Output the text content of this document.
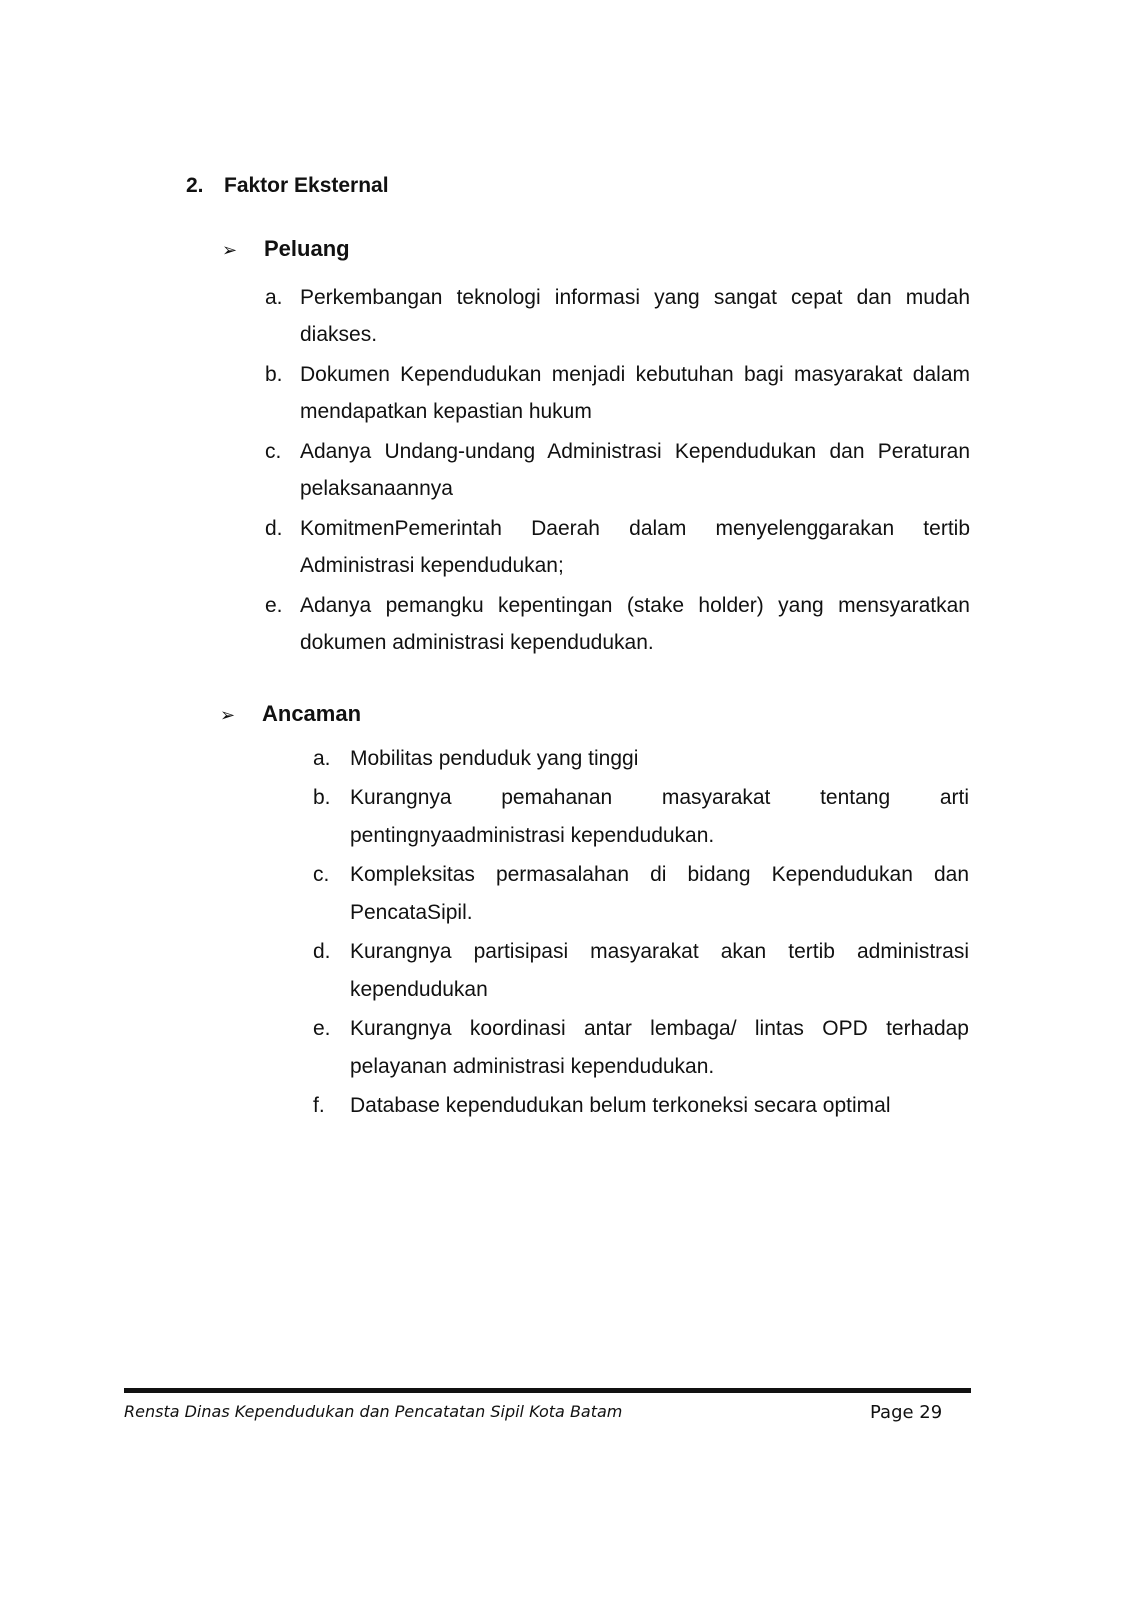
2. Faktor Eksternal
➢ Peluang
a. Perkembangan teknologi informasi yang sangat cepat dan mudah diakses.
b. Dokumen Kependudukan menjadi kebutuhan bagi masyarakat dalam mendapatkan kepastian hukum
c. Adanya Undang-undang Administrasi Kependudukan dan Peraturan pelaksanaannya
d. KomitmenPemerintah Daerah dalam menyelenggarakan tertib Administrasi kependudukan;
e. Adanya pemangku kepentingan (stake holder) yang mensyaratkan dokumen administrasi kependudukan.
➢ Ancaman
a. Mobilitas penduduk yang tinggi
b. Kurangnya pemahanan masyarakat tentang arti pentingnyaadministrasi kependudukan.
c. Kompleksitas permasalahan di bidang Kependudukan dan PencataSipil.
d. Kurangnya partisipasi masyarakat akan tertib administrasi kependudukan
e. Kurangnya koordinasi antar lembaga/ lintas OPD terhadap pelayanan administrasi kependudukan.
f.	Database kependudukan belum terkoneksi secara optimal
Rensta Dinas Kependudukan dan Pencatatan Sipil Kota Batam	Page 29
